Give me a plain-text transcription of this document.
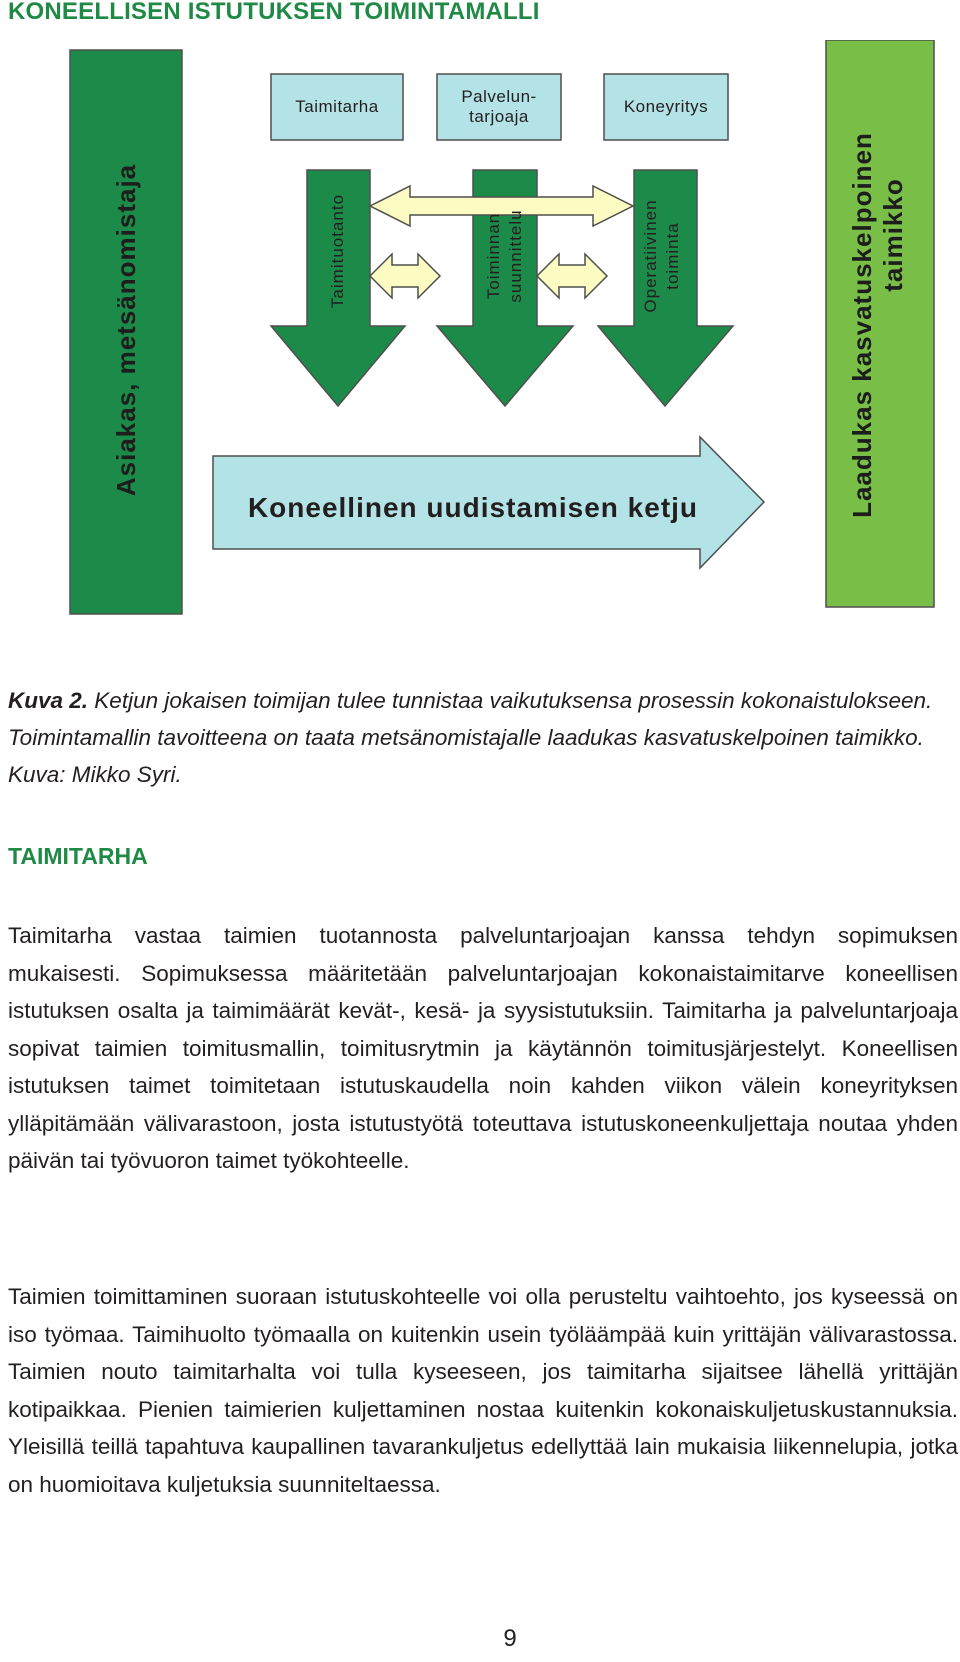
KONEELLISEN ISTUTUKSEN TOIMINTAMALLI
Asiakas, metsänomistaja	Laadukas kasvatuskelpoinen taimikko
Taimitarha
Palvelun-
tarjoaja
Koneyritys
Taimituotanto	Toiminnan suunnittelu	Operatiivinen toiminta
Koneellinen uudistamisen ketju

Kuva 2. Ketjun jokaisen toimijan tulee tunnistaa vaikutuksensa prosessin kokonaistulokseen. Toimintamallin tavoitteena on taata metsänomistajalle laadukas kasvatuskelpoinen taimikko. Kuva: Mikko Syri.

TAIMITARHA

Taimitarha vastaa taimien tuotannosta palveluntarjoajan kanssa tehdyn sopimuksen mukaisesti. Sopimuksessa määritetään palveluntarjoajan kokonaistaimitarve koneellisen istutuksen osalta ja taimimäärät kevät-, kesä- ja syysistutuksiin. Taimitarha ja palveluntarjoaja sopivat taimien toimitusmallin, toimitusrytmin ja käytännön toimitusjärjestelyt. Koneellisen istutuksen taimet toimitetaan istutuskaudella noin kahden viikon välein koneyrityksen ylläpitämään välivarastoon, josta istutustyötä toteuttava istutuskoneenkuljettaja noutaa yhden päivän tai työvuoron taimet työkohteelle.

Taimien toimittaminen suoraan istutuskohteelle voi olla perusteltu vaihtoehto, jos kyseessä on iso työmaa. Taimihuolto työmaalla on kuitenkin usein työläämpää kuin yrittäjän välivarastossa. Taimien nouto taimitarhalta voi tulla kyseeseen, jos taimitarha sijaitsee lähellä yrittäjän kotipaikkaa. Pienien taimierien kuljettaminen nostaa kuitenkin kokonaiskuljetuskustannuksia. Yleisillä teillä tapahtuva kaupallinen tavarankuljetus edellyttää lain mukaisia liikennelupia, jotka on huomioitava kuljetuksia suunniteltaessa.

9
